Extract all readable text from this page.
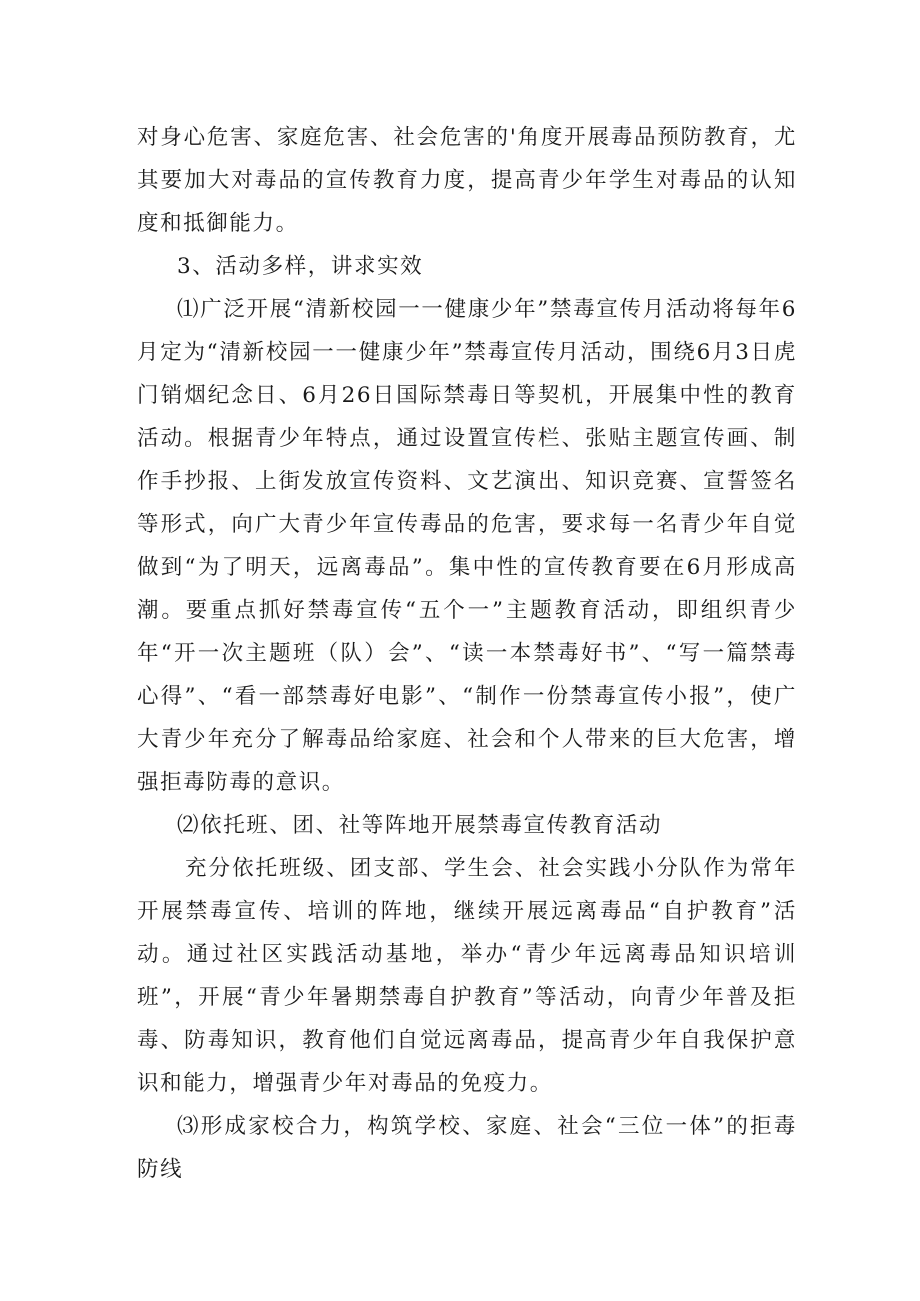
对身心危害、家庭危害、社会危害的'角度开展毒品预防教育，尤其要加大对毒品的宣传教育力度，提高青少年学生对毒品的认知度和抵御能力。

3、活动多样，讲求实效

⑴广泛开展“清新校园一一健康少年”禁毒宣传月活动将每年6月定为“清新校园一一健康少年”禁毒宣传月活动，围绕6月3日虎门销烟纪念日、6月26日国际禁毒日等契机，开展集中性的教育活动。根据青少年特点，通过设置宣传栏、张贴主题宣传画、制作手抄报、上街发放宣传资料、文艺演出、知识竞赛、宣誓签名等形式，向广大青少年宣传毒品的危害，要求每一名青少年自觉做到“为了明天，远离毒品”。集中性的宣传教育要在6月形成高潮。要重点抓好禁毒宣传“五个一”主题教育活动，即组织青少年“开一次主题班（队）会”、“读一本禁毒好书”、“写一篇禁毒心得”、“看一部禁毒好电影”、“制作一份禁毒宣传小报”，使广大青少年充分了解毒品给家庭、社会和个人带来的巨大危害，增强拒毒防毒的意识。

⑵依托班、团、社等阵地开展禁毒宣传教育活动

充分依托班级、团支部、学生会、社会实践小分队作为常年开展禁毒宣传、培训的阵地，继续开展远离毒品“自护教育”活动。通过社区实践活动基地，举办“青少年远离毒品知识培训班”，开展“青少年暑期禁毒自护教育”等活动，向青少年普及拒毒、防毒知识，教育他们自觉远离毒品，提高青少年自我保护意识和能力，增强青少年对毒品的免疫力。

⑶形成家校合力，构筑学校、家庭、社会“三位一体”的拒毒防线
